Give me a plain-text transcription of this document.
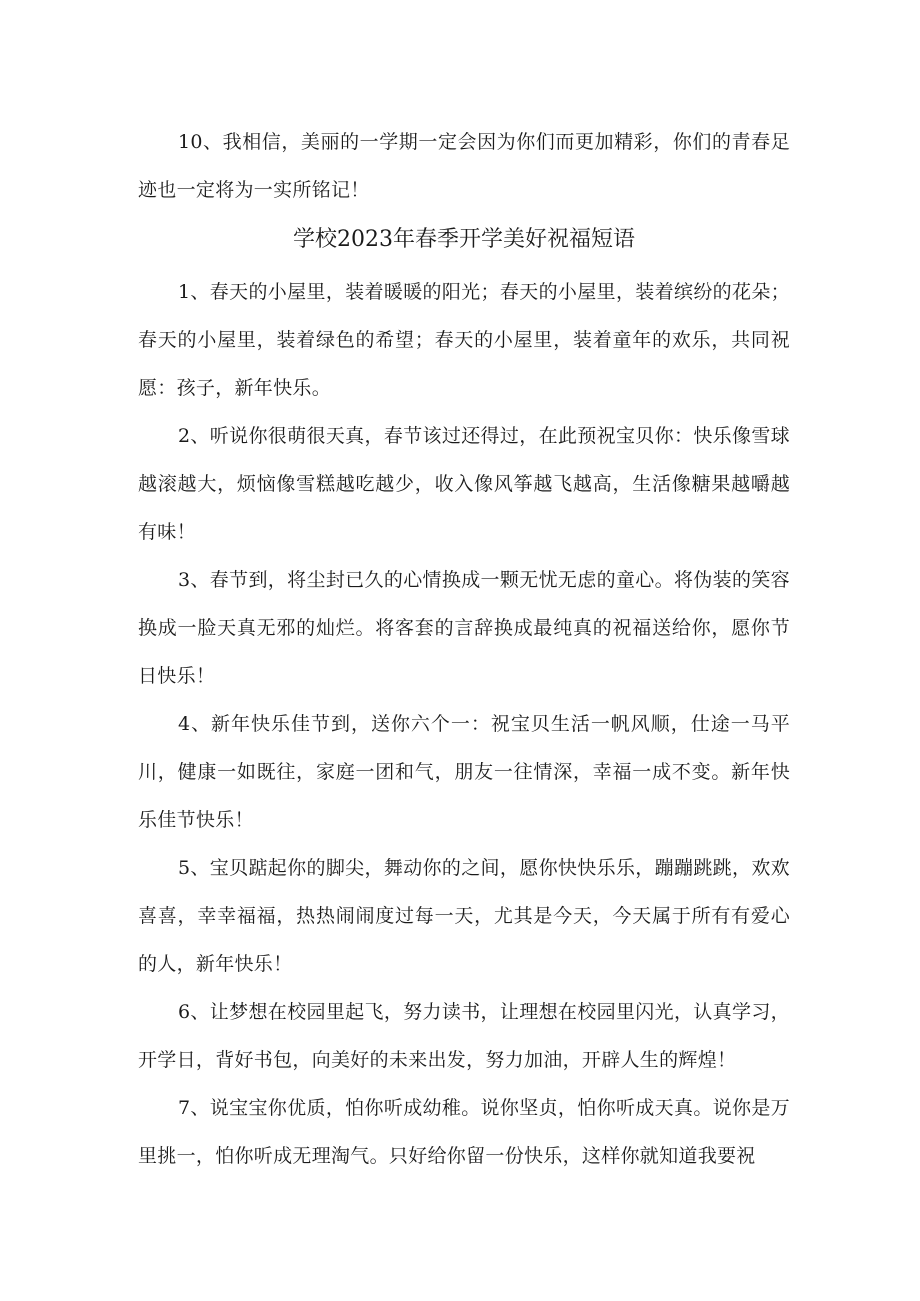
10、我相信，美丽的一学期一定会因为你们而更加精彩，你们的青春足迹也一定将为一实所铭记！

学校2023年春季开学美好祝福短语

1、春天的小屋里，装着暖暖的阳光；春天的小屋里，装着缤纷的花朵；春天的小屋里，装着绿色的希望；春天的小屋里，装着童年的欢乐，共同祝愿：孩子，新年快乐。

2、听说你很萌很天真，春节该过还得过，在此预祝宝贝你：快乐像雪球越滚越大，烦恼像雪糕越吃越少，收入像风筝越飞越高，生活像糖果越嚼越有味！

3、春节到，将尘封已久的心情换成一颗无忧无虑的童心。将伪装的笑容换成一脸天真无邪的灿烂。将客套的言辞换成最纯真的祝福送给你，愿你节日快乐！

4、新年快乐佳节到，送你六个一：祝宝贝生活一帆风顺，仕途一马平川，健康一如既往，家庭一团和气，朋友一往情深，幸福一成不变。新年快乐佳节快乐！

5、宝贝踮起你的脚尖，舞动你的之间，愿你快快乐乐，蹦蹦跳跳，欢欢喜喜，幸幸福福，热热闹闹度过每一天，尤其是今天，今天属于所有有爱心的人，新年快乐！

6、让梦想在校园里起飞，努力读书，让理想在校园里闪光，认真学习，开学日，背好书包，向美好的未来出发，努力加油，开辟人生的辉煌！

7、说宝宝你优质，怕你听成幼稚。说你坚贞，怕你听成天真。说你是万里挑一，怕你听成无理淘气。只好给你留一份快乐，这样你就知道我要祝
